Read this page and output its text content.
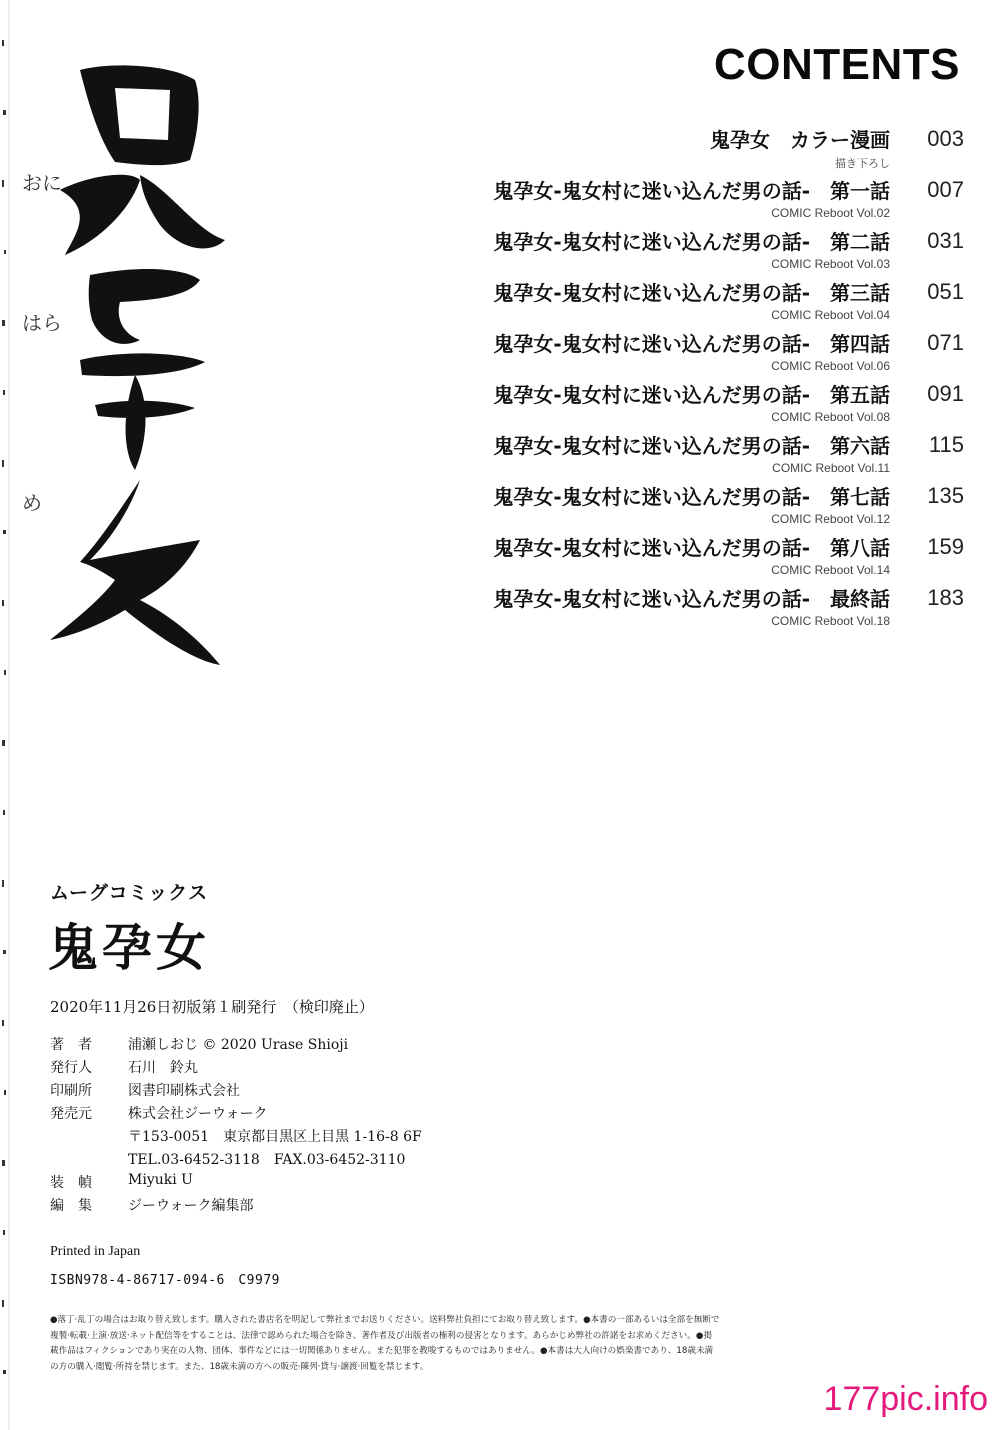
おに
はら
め
CONTENTS
鬼孕女　カラー漫画 003
描き下ろし
鬼孕女-鬼女村に迷い込んだ男の話-　第一話 007
COMIC Reboot Vol.02
鬼孕女-鬼女村に迷い込んだ男の話-　第二話 031
COMIC Reboot Vol.03
鬼孕女-鬼女村に迷い込んだ男の話-　第三話 051
COMIC Reboot Vol.04
鬼孕女-鬼女村に迷い込んだ男の話-　第四話 071
COMIC Reboot Vol.06
鬼孕女-鬼女村に迷い込んだ男の話-　第五話 091
COMIC Reboot Vol.08
鬼孕女-鬼女村に迷い込んだ男の話-　第六話 115
COMIC Reboot Vol.11
鬼孕女-鬼女村に迷い込んだ男の話-　第七話 135
COMIC Reboot Vol.12
鬼孕女-鬼女村に迷い込んだ男の話-　第八話 159
COMIC Reboot Vol.14
鬼孕女-鬼女村に迷い込んだ男の話-　最終話 183
COMIC Reboot Vol.18
ムーグコミックス
鬼孕女
2020年11月26日初版第１刷発行　（検印廃止）
著　者	浦瀬しおじ © 2020 Urase Shioji
発行人	石川　鈴丸
印刷所	図書印刷株式会社
発売元	株式会社ジーウォーク
〒153-0051　東京都目黒区上目黒 1-16-8 6F
TEL.03-6452-3118　FAX.03-6452-3110
装　幀	Miyuki U
編　集	ジーウォーク編集部
Printed in Japan
ISBN978-4-86717-094-6　C9979
●落丁·乱丁の場合はお取り替え致します。購入された書店名を明記して弊社までお送りください。送料弊社負担にてお取り替え致します。●本書の一部あるいは全部を無断で複製·転載·上演·放送·ネット配信等をすることは、法律で認められた場合を除き、著作者及び出版者の権利の侵害となります。あらかじめ弊社の許諾をお求めください。●掲載作品はフィクションであり実在の人物、団体、事件などには一切関係ありません。また犯罪を教唆するものではありません。●本書は大人向けの娯楽書であり、18歳未満の方の購入·閲覧·所持を禁じます。また、18歳未満の方への販売·陳列·貸与·譲渡·回覧を禁じます。
177pic.info
